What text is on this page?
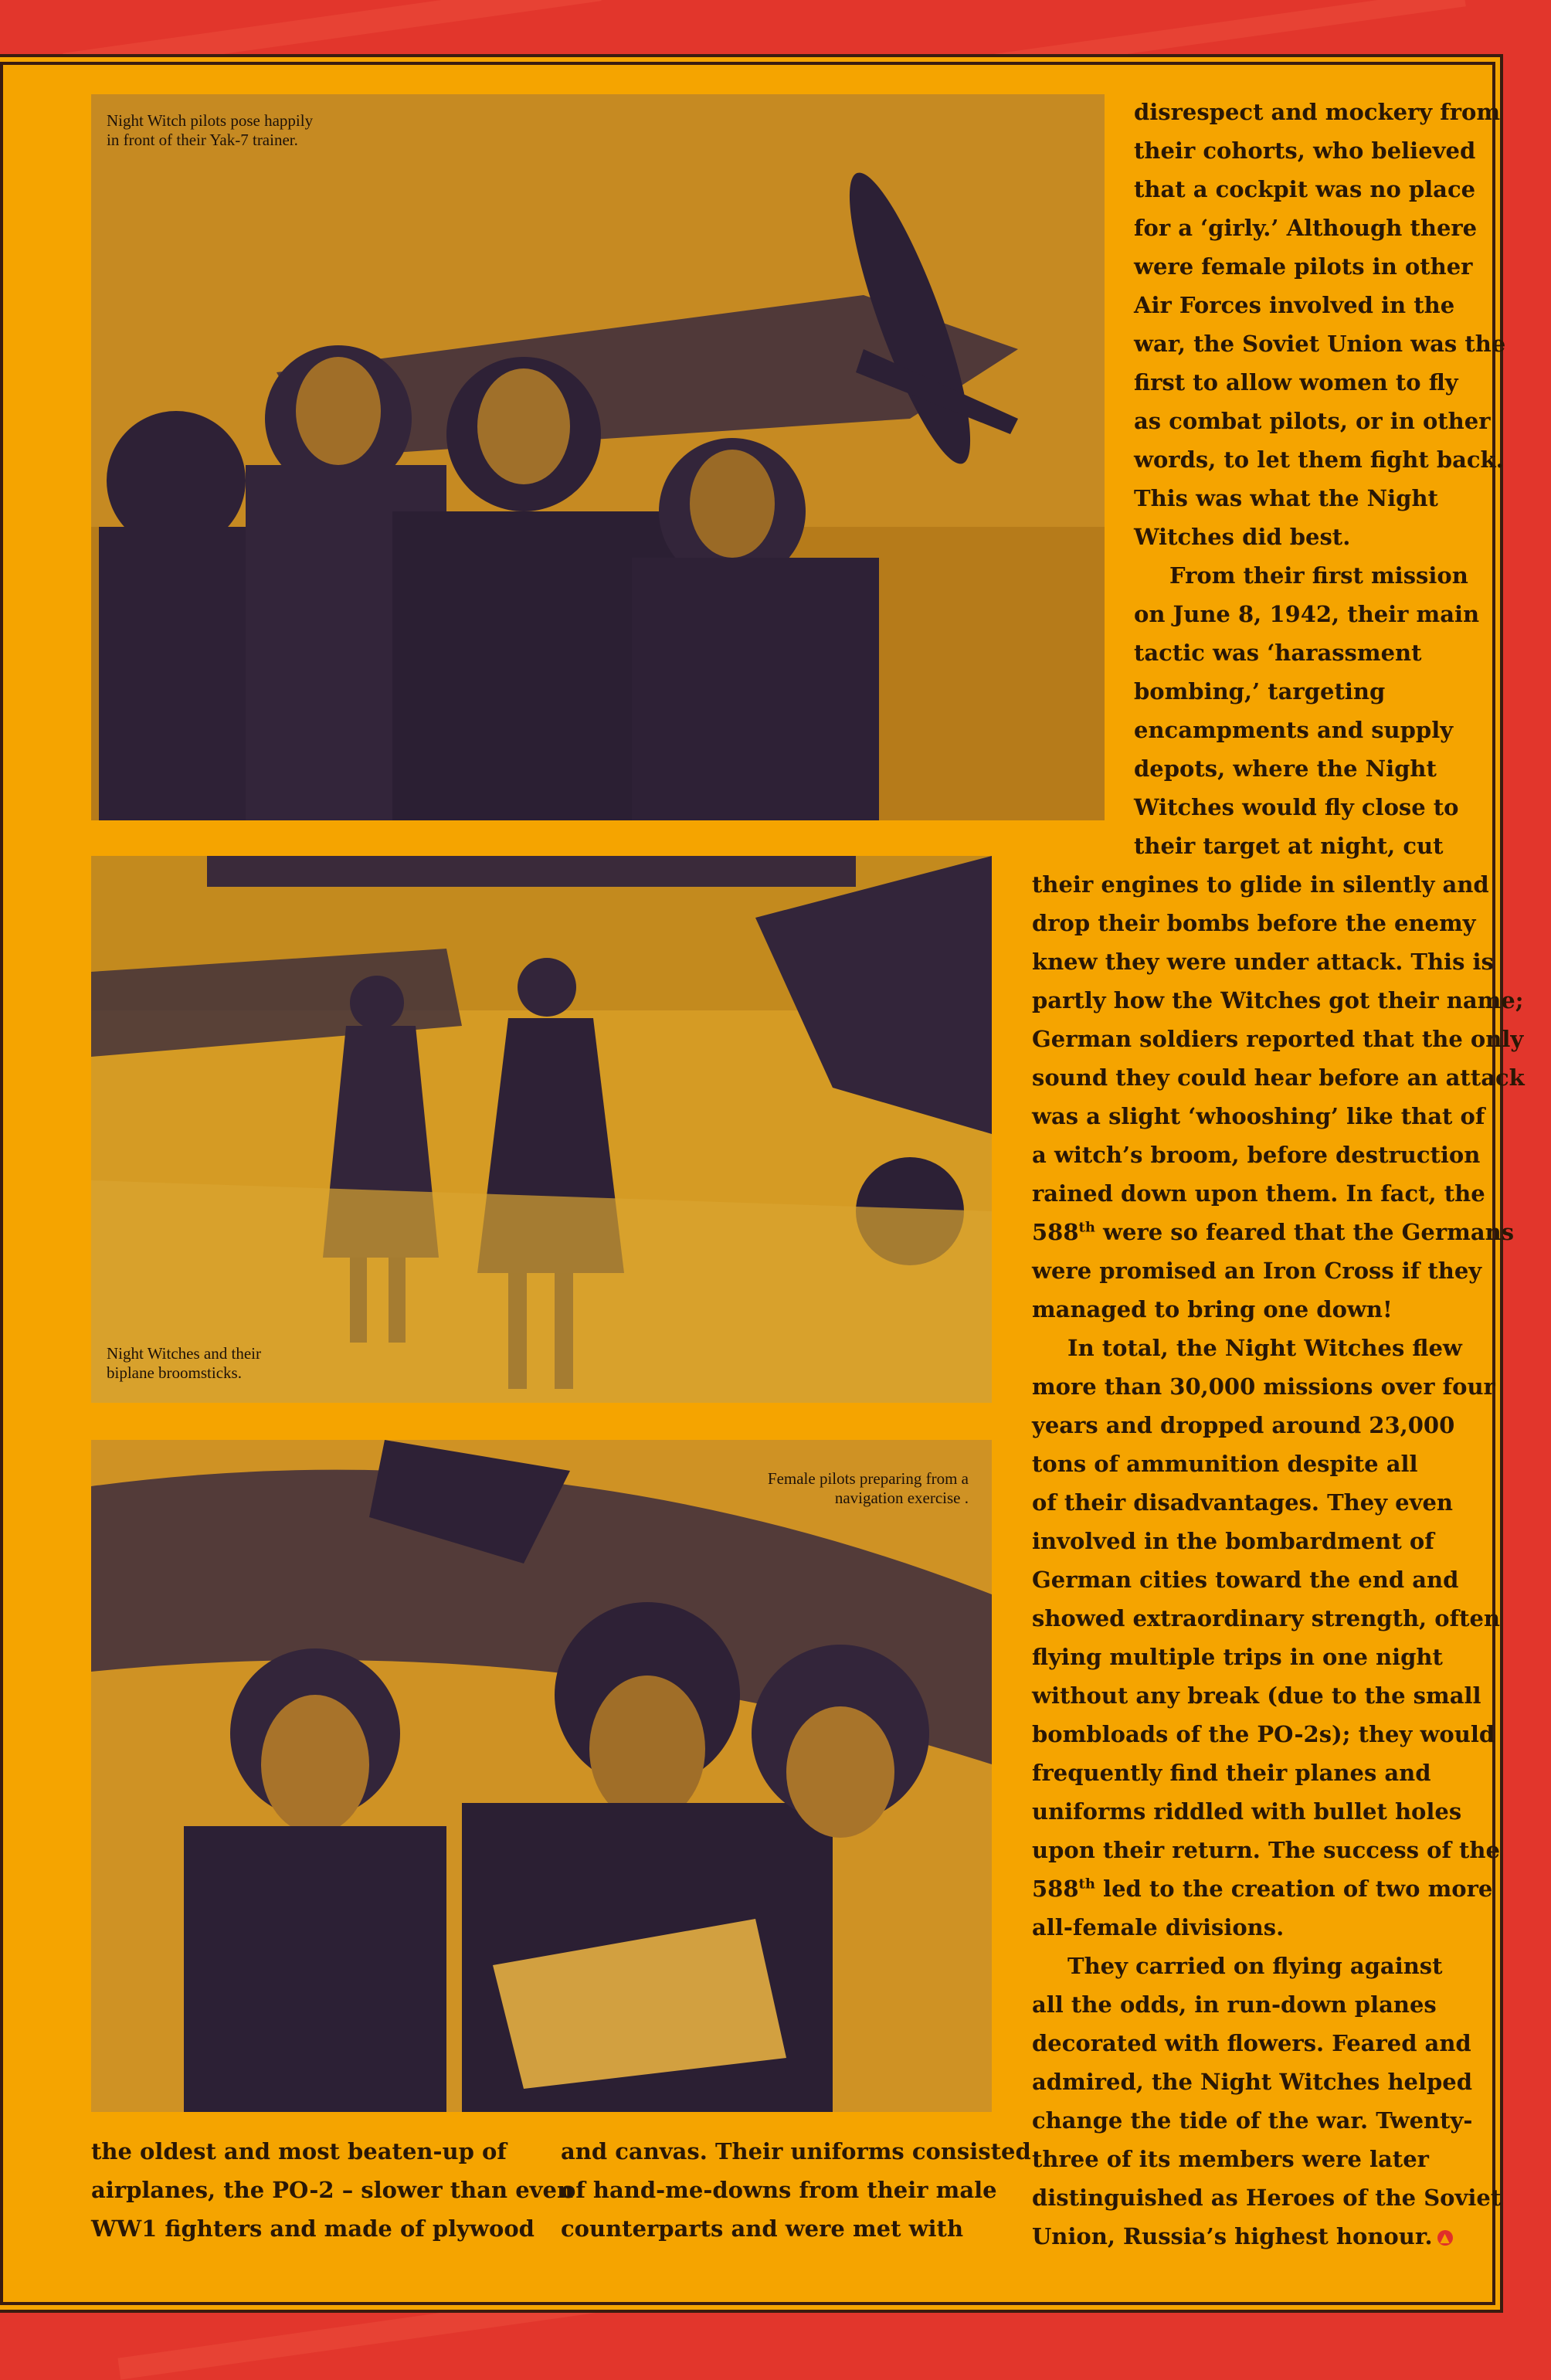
Night Witch pilots pose happily
in front of their Yak-7 trainer.
Night Witches and their
biplane broomsticks.
Female pilots preparing from a
navigation exercise .
disrespect and mockery from
their cohorts, who believed
that a cockpit was no place
for a ‘girly.’ Although there
were female pilots in other
Air Forces involved in the
war, the Soviet Union was the
first to allow women to fly
as combat pilots, or in other
words, to let them fight back.
This was what the Night
Witches did best.
From their first mission
on June 8, 1942, their main
tactic was ‘harassment
bombing,’ targeting
encampments and supply
depots, where the Night
Witches would fly close to
their target at night, cut
their engines to glide in silently and
drop their bombs before the enemy
knew they were under attack. This is
partly how the Witches got their name;
German soldiers reported that the only
sound they could hear before an attack
was a slight ‘whooshing’ like that of
a witch’s broom, before destruction
rained down upon them. In fact, the
588th were so feared that the Germans
were promised an Iron Cross if they
managed to bring one down!
In total, the Night Witches flew
more than 30,000 missions over four
years and dropped around 23,000
tons of ammunition despite all
of their disadvantages. They even
involved in the bombardment of
German cities toward the end and
showed extraordinary strength, often
flying multiple trips in one night
without any break (due to the small
bombloads of the PO-2s); they would
frequently find their planes and
uniforms riddled with bullet holes
upon their return. The success of the
588th led to the creation of two more
all-female divisions.
They carried on flying against
all the odds, in run-down planes
decorated with flowers. Feared and
admired, the Night Witches helped
change the tide of the war. Twenty-
three of its members were later
distinguished as Heroes of the Soviet
Union, Russia’s highest honour. ▲
the oldest and most beaten-up of
airplanes, the PO-2 – slower than even
WW1 fighters and made of plywood
and canvas. Their uniforms consisted
of hand-me-downs from their male
counterparts and were met with
